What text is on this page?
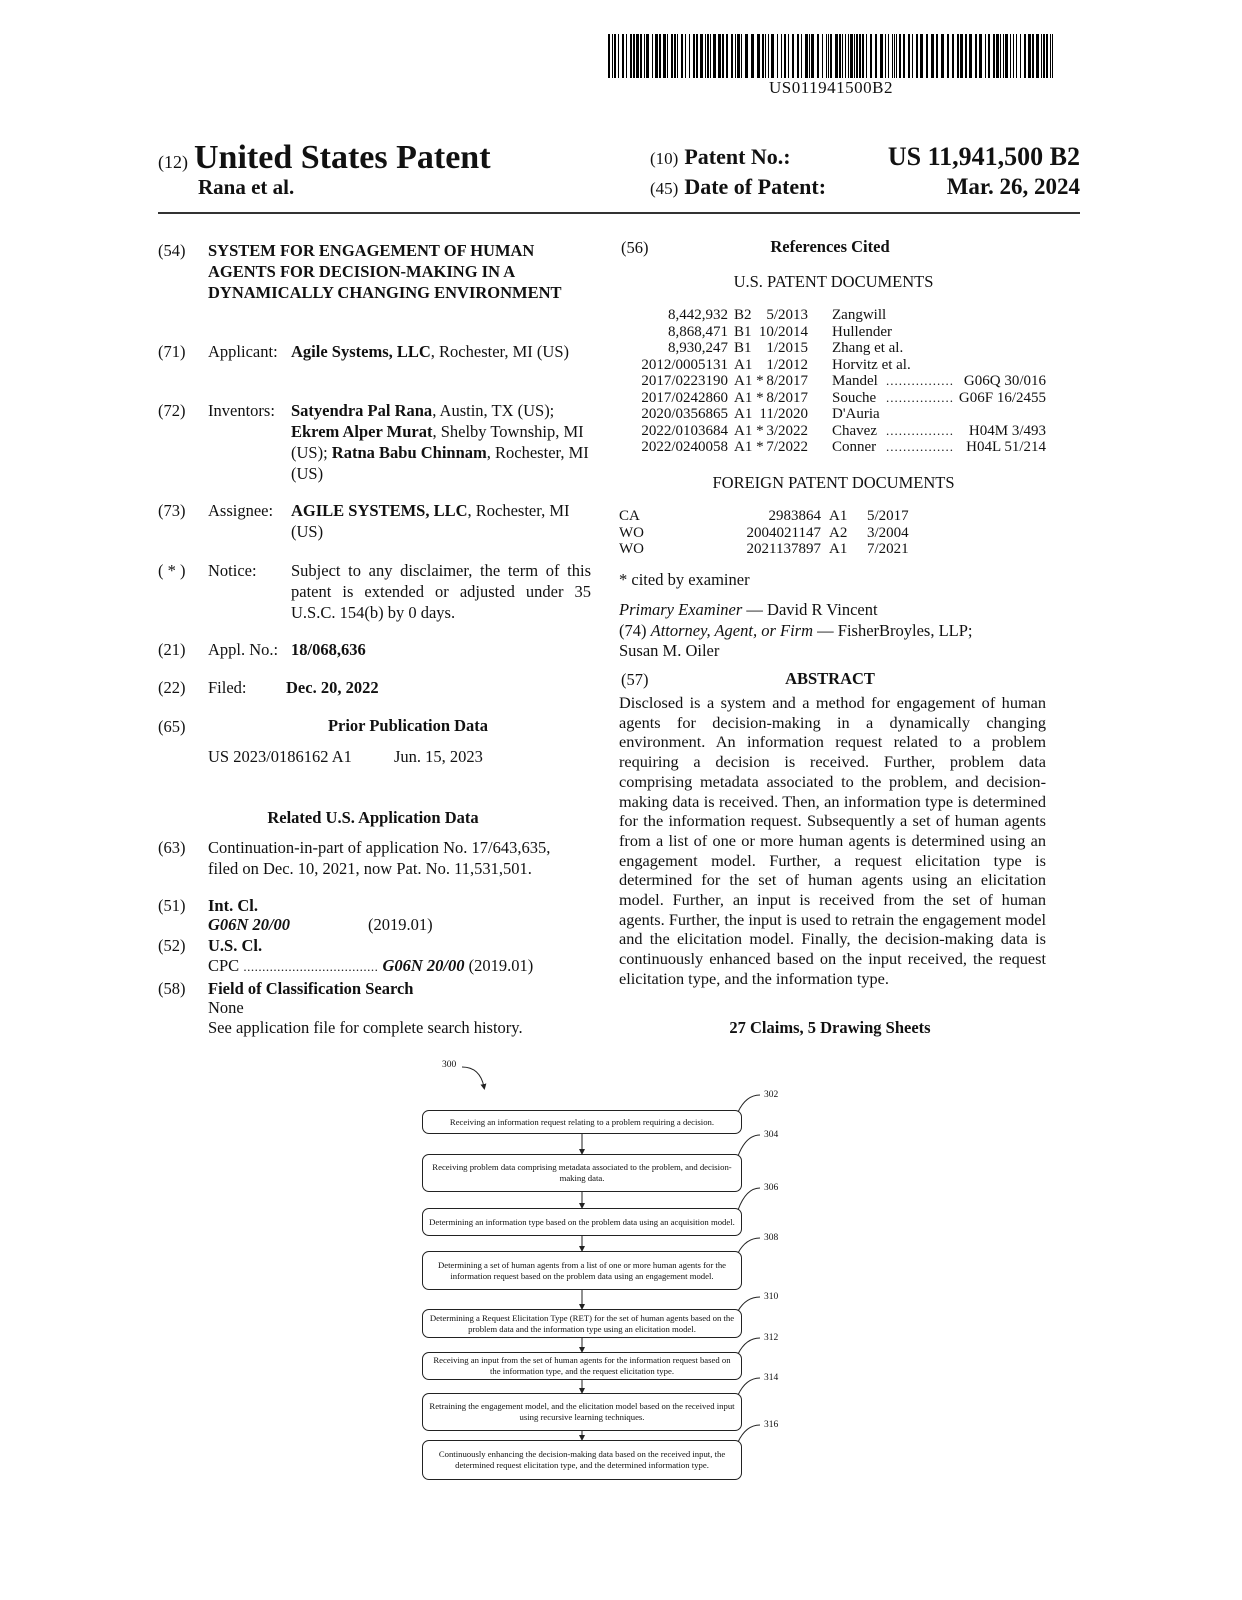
US011941500B2
(12) United States Patent
Rana et al.
(10) Patent No.:	US 11,941,500 B2
(45) Date of Patent:	Mar. 26, 2024
(54) SYSTEM FOR ENGAGEMENT OF HUMAN AGENTS FOR DECISION-MAKING IN A DYNAMICALLY CHANGING ENVIRONMENT
(71) Applicant: Agile Systems, LLC, Rochester, MI (US)
(72) Inventors: Satyendra Pal Rana, Austin, TX (US); Ekrem Alper Murat, Shelby Township, MI (US); Ratna Babu Chinnam, Rochester, MI (US)
(73) Assignee: AGILE SYSTEMS, LLC, Rochester, MI (US)
( * ) Notice: Subject to any disclaimer, the term of this patent is extended or adjusted under 35 U.S.C. 154(b) by 0 days.
(21) Appl. No.: 18/068,636
(22) Filed: Dec. 20, 2022
(65)	Prior Publication Data
US 2023/0186162 A1	Jun. 15, 2023
Related U.S. Application Data
(63) Continuation-in-part of application No. 17/643,635, filed on Dec. 10, 2021, now Pat. No. 11,531,501.
(51) Int. Cl.
G06N 20/00	(2019.01)
(52) U.S. Cl.
CPC .................................... G06N 20/00 (2019.01)
(58) Field of Classification Search
None
See application file for complete search history.
(56)	References Cited
U.S. PATENT DOCUMENTS
8,442,932 B2 5/2013 Zangwill
8,868,471 B1 10/2014 Hullender
8,930,247 B1 1/2015 Zhang et al.
2012/0005131 A1 1/2012 Horvitz et al.
2017/0223190 A1 * 8/2017 Mandel ................ G06Q 30/016
2017/0242860 A1 * 8/2017 Souche ................ G06F 16/2455
2020/0356865 A1 11/2020 D'Auria
2022/0103684 A1 * 3/2022 Chavez ................ H04M 3/493
2022/0240058 A1 * 7/2022 Conner ................ H04L 51/214
FOREIGN PATENT DOCUMENTS
CA	2983864 A1 5/2017
WO	2004021147 A2 3/2004
WO	2021137897 A1 7/2021
* cited by examiner
Primary Examiner — David R Vincent
(74) Attorney, Agent, or Firm — FisherBroyles, LLP;
Susan M. Oiler
(57)	ABSTRACT
Disclosed is a system and a method for engagement of human agents for decision-making in a dynamically changing environment. An information request related to a problem requiring a decision is received. Further, problem data comprising metadata associated to the problem, and decision-making data is received. Then, an information type is determined for the information request. Subsequently a set of human agents from a list of one or more human agents is determined using an engagement model. Further, a request elicitation type is determined for the set of human agents using an elicitation model. Further, an input is received from the set of human agents. Further, the input is used to retrain the engagement model and the elicitation model. Finally, the decision-making data is continuously enhanced based on the input received, the request elicitation type, and the information type.
27 Claims, 5 Drawing Sheets
300
Receiving an information request relating to a problem requiring a decision.
302
Receiving problem data comprising metadata associated to the problem, and decision-making data.
304
Determining an information type based on the problem data using an acquisition model.
306
Determining a set of human agents from a list of one or more human agents for the information request based on the problem data using an engagement model.
308
Determining a Request Elicitation Type (RET) for the set of human agents based on the problem data and the information type using an elicitation model.
310
Receiving an input from the set of human agents for the information request based on the information type, and the request elicitation type.
312
Retraining the engagement model, and the elicitation model based on the received input using recursive learning techniques.
314
Continuously enhancing the decision-making data based on the received input, the determined request elicitation type, and the determined information type.
316
